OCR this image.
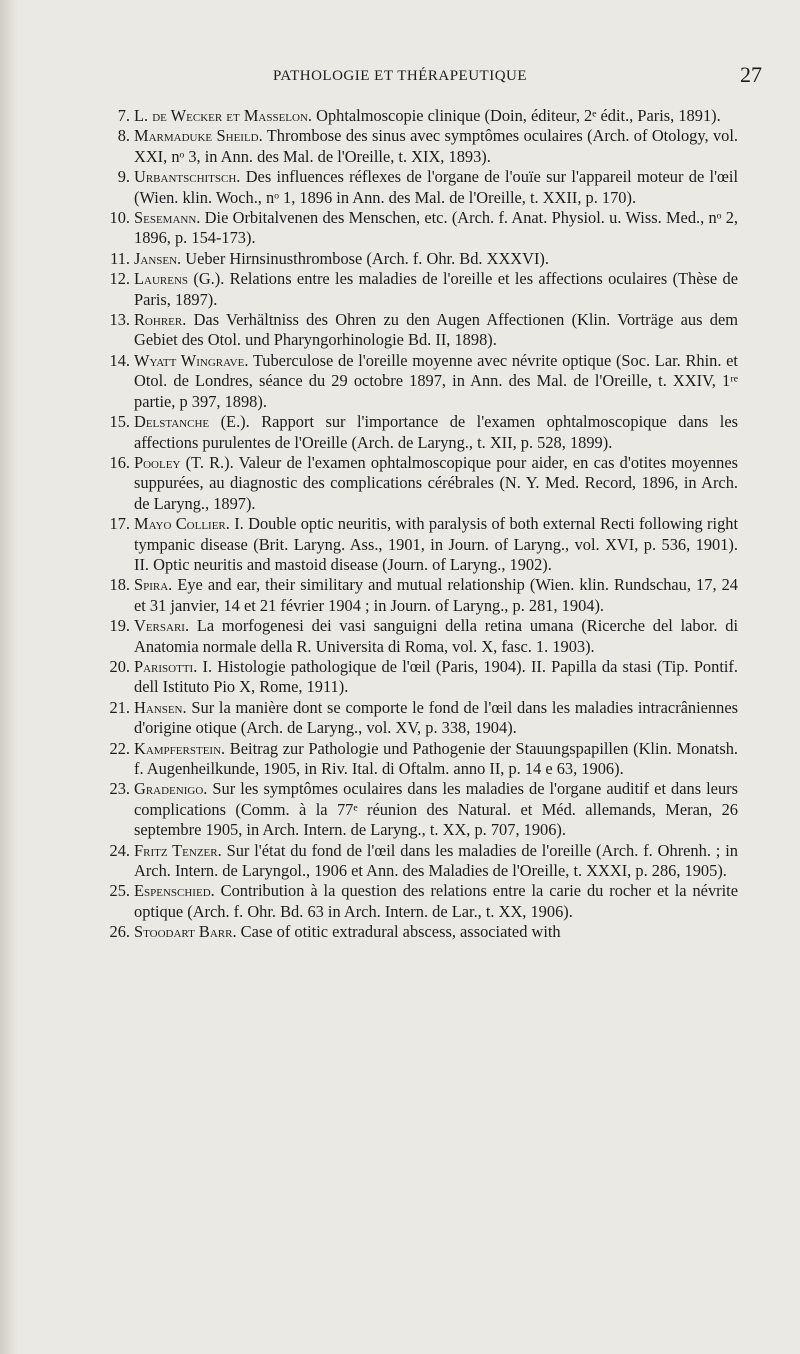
PATHOLOGIE ET THÉRAPEUTIQUE	27

7. L. de Wecker et Masselon. Ophtalmoscopie clinique (Doin, éditeur, 2ᵉ édit., Paris, 1891).

8. Marmaduke Sheild. Thrombose des sinus avec symptômes oculaires (Arch. of Otology, vol. XXI, nᵒ 3, in Ann. des Mal. de l'Oreille, t. XIX, 1893).

9. Urbantschitsch. Des influences réflexes de l'organe de l'ouïe sur l'appareil moteur de l'œil (Wien. klin. Woch., nᵒ 1, 1896 in Ann. des Mal. de l'Oreille, t. XXII, p. 170).

10. Sesemann. Die Orbitalvenen des Menschen, etc. (Arch. f. Anat. Physiol. u. Wiss. Med., nᵒ 2, 1896, p. 154-173).

11. Jansen. Ueber Hirnsinusthrombose (Arch. f. Ohr. Bd. XXXVI).

12. Laurens (G.). Relations entre les maladies de l'oreille et les affections oculaires (Thèse de Paris, 1897).

13. Rohrer. Das Verhältniss des Ohren zu den Augen Affectionen (Klin. Vorträge aus dem Gebiet des Otol. und Pharyngorhinologie Bd. II, 1898).

14. Wyatt Wingrave. Tuberculose de l'oreille moyenne avec névrite optique (Soc. Lar. Rhin. et Otol. de Londres, séance du 29 octobre 1897, in Ann. des Mal. de l'Oreille, t. XXIV, 1ʳᵉ partie, p 397, 1898).

15. Delstanche (E.). Rapport sur l'importance de l'examen ophtalmoscopique dans les affections purulentes de l'Oreille (Arch. de Laryng., t. XII, p. 528, 1899).

16. Pooley (T. R.). Valeur de l'examen ophtalmoscopique pour aider, en cas d'otites moyennes suppurées, au diagnostic des complications cérébrales (N. Y. Med. Record, 1896, in Arch. de Laryng., 1897).

17. Mayo Collier. I. Double optic neuritis, with paralysis of both external Recti following right tympanic disease (Brit. Laryng. Ass., 1901, in Journ. of Laryng., vol. XVI, p. 536, 1901). II. Optic neuritis and mastoid disease (Journ. of Laryng., 1902).

18. Spira. Eye and ear, their similitary and mutual relationship (Wien. klin. Rundschau, 17, 24 et 31 janvier, 14 et 21 février 1904 ; in Journ. of Laryng., p. 281, 1904).

19. Versari. La morfogenesi dei vasi sanguigni della retina umana (Ricerche del labor. di Anatomia normale della R. Universita di Roma, vol. X, fasc. 1. 1903).

20. Parisotti. I. Histologie pathologique de l'œil (Paris, 1904). II. Papilla da stasi (Tip. Pontif. dell Istituto Pio X, Rome, 1911).

21. Hansen. Sur la manière dont se comporte le fond de l'œil dans les maladies intracrâniennes d'origine otique (Arch. de Laryng., vol. XV, p. 338, 1904).

22. Kampferstein. Beitrag zur Pathologie und Pathogenie der Stauungspapillen (Klin. Monatsh. f. Augenheilkunde, 1905, in Riv. Ital. di Oftalm. anno II, p. 14 e 63, 1906).

23. Gradenigo. Sur les symptômes oculaires dans les maladies de l'organe auditif et dans leurs complications (Comm. à la 77ᵉ réunion des Natural. et Méd. allemands, Meran, 26 septembre 1905, in Arch. Intern. de Laryng., t. XX, p. 707, 1906).

24. Fritz Tenzer. Sur l'état du fond de l'œil dans les maladies de l'oreille (Arch. f. Ohrenh. ; in Arch. Intern. de Laryngol., 1906 et Ann. des Maladies de l'Oreille, t. XXXI, p. 286, 1905).

25. Espenschied. Contribution à la question des relations entre la carie du rocher et la névrite optique (Arch. f. Ohr. Bd. 63 in Arch. Intern. de Lar., t. XX, 1906).

26. Stoodart Barr. Case of otitic extradural abscess, associated with
